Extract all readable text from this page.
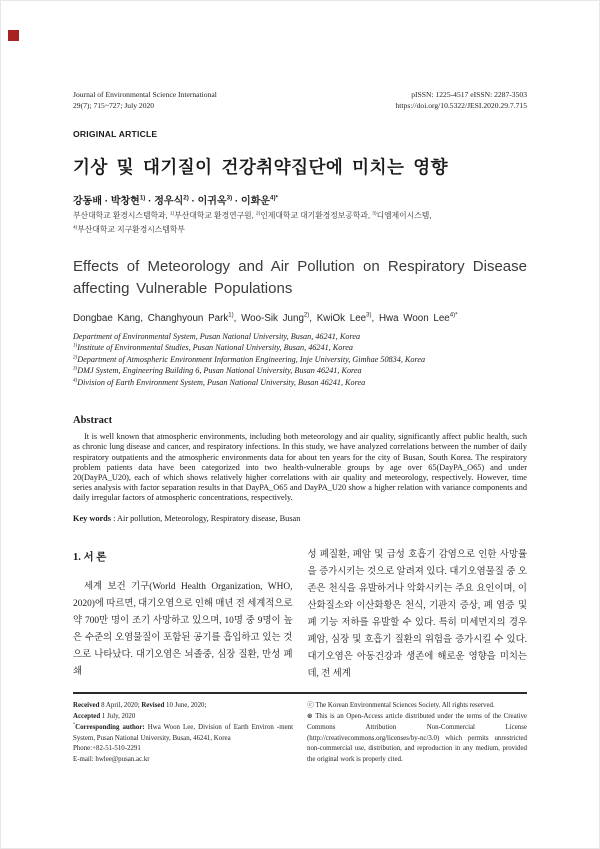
Journal of Environmental Science International
29(7); 715~727; July 2020
pISSN: 1225-4517 eISSN: 2287-3503
https://doi.org/10.5322/JESI.2020.29.7.715
ORIGINAL ARTICLE
기상 및 대기질이 건강취약집단에 미치는 영향
강동배 · 박창현$^{1)}$ · 정우식$^{2)}$ · 이귀옥$^{3)}$ · 이화운$^{4)*}$
부산대학교 환경시스템학과, $^{1)}$부산대학교 환경연구원, $^{2)}$인제대학교 대기환경정보공학과, $^{3)}$디엠제이시스템,
$^{4)}$부산대학교 지구환경시스템학부
Effects of Meteorology and Air Pollution on Respiratory Disease affecting Vulnerable Populations
Dongbae Kang, Changhyoun Park$^{1)}$, Woo-Sik Jung$^{2)}$, KwiOk Lee$^{3)}$, Hwa Woon Lee$^{4)*}$
Department of Environmental System, Pusan National University, Busan, 46241, Korea
$^{1)}$Institute of Environmental Studies, Pusan National University, Busan, 46241, Korea
$^{2)}$Department of Atmospheric Environment Information Engineering, Inje University, Gimhae 50834, Korea
$^{3)}$DMJ System, Engineering Building 6, Pusan National University, Busan 46241, Korea
$^{4)}$Division of Earth Environment System, Pusan National University, Busan 46241, Korea
Abstract

It is well known that atmospheric environments, including both meteorology and air quality, significantly affect public health, such as chronic lung disease and cancer, and respiratory infections. In this study, we have analyzed correlations between the number of daily respiratory outpatients and the atmospheric environments data for about ten years for the city of Busan, South Korea. The respiratory problem patients data have been categorized into two health-vulnerable groups by age over 65(DayPA_O65) and under 20(DayPA_U20), each of which shows relatively higher correlations with air quality and meteorology, respectively. However, time series analysis with factor separation results in that DayPA_O65 and DayPA_U20 show a higher relation with variance components and daily irregular factors of atmospheric concentrations, respectively.

Key words : Air pollution, Meteorology, Respiratory disease, Busan
1. 서 론

세계 보건 기구(World Health Organization, WHO, 2020)에 따르면, 대기오염으로 인해 매년 전 세계적으로 약 700만 명이 조기 사망하고 있으며, 10명 중 9명이 높은 수준의 오염물질이 포함된 공기를 흡입하고 있는 것으로 나타났다. 대기오염은 뇌졸중, 심장 질환, 만성 폐쇄

성 폐질환, 폐암 및 급성 호흡기 감염으로 인한 사망률을 증가시키는 것으로 알려져 있다. 대기오염물질 중 오존은 천식을 유발하거나 악화시키는 주요 요인이며, 이산화질소와 이산화황은 천식, 기관지 증상, 폐 염증 및 폐 기능 저하를 유발할 수 있다. 특히 미세먼지의 경우 폐암, 심장 및 호흡기 질환의 위험을 증가시킬 수 있다. 대기오염은 아동건강과 생존에 해로운 영향을 미치는데, 전 세계

Received 8 April, 2020; Revised 10 June, 2020;

Accepted 1 July, 2020

*Corresponding author: Hwa Woon Lee, Division of Earth Environ -ment System, Pusan National University, Busan, 46241, Korea

Phone:+82-51-510-2291

E-mail: hwlee@pusan.ac.kr

ⓒ The Korean Environmental Sciences Society. All rights reserved.

⊛ This is an Open-Access article distributed under the terms of the Creative Commons Attribution Non-Commercial License (http://creativecommons.org/licenses/by-nc/3.0) which permits unrestricted non-commercial use, distribution, and reproduction in any medium, provided the original work is properly cited.
